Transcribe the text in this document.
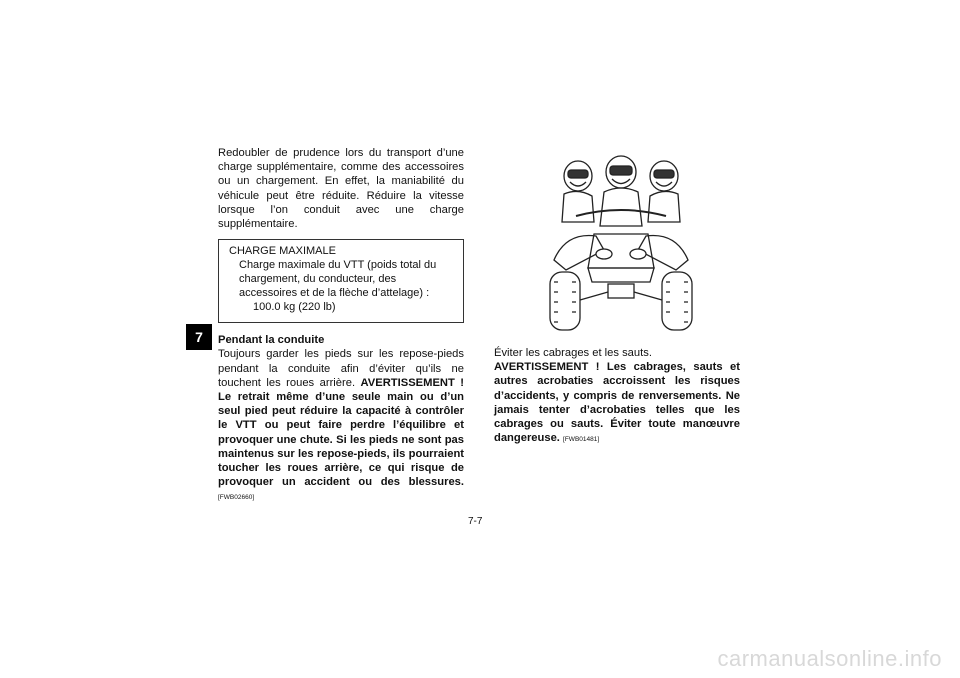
7

Redoubler de prudence lors du transport d’une charge supplémentaire, comme des accessoires ou un chargement. En effet, la maniabilité du véhicule peut être réduite. Réduire la vitesse lorsque l’on conduit avec une charge supplémentaire.

CHARGE MAXIMALE
Charge maximale du VTT (poids total du chargement, du conducteur, des accessoires et de la flèche d’attelage) :
100.0 kg (220 lb)
Pendant la conduite

Toujours garder les pieds sur les repose-pieds pendant la conduite afin d’éviter qu’ils ne touchent les roues arrière. AVERTISSEMENT ! Le retrait même d’une seule main ou d’un seul pied peut réduire la capacité à contrôler le VTT ou peut faire perdre l’équilibre et provoquer une chute. Si les pieds ne sont pas maintenus sur les repose-pieds, ils pourraient toucher les roues arrière, ce qui risque de provoquer un accident ou des blessures. [FWB02660]

Éviter les cabrages et les sauts.
AVERTISSEMENT ! Les cabrages, sauts et autres acrobaties accroissent les risques d’accidents, y compris de renversements. Ne jamais tenter d’acrobaties telles que les cabrages ou sauts. Éviter toute manœuvre dangereuse. [FWB01481]

7-7
carmanualsonline.info
